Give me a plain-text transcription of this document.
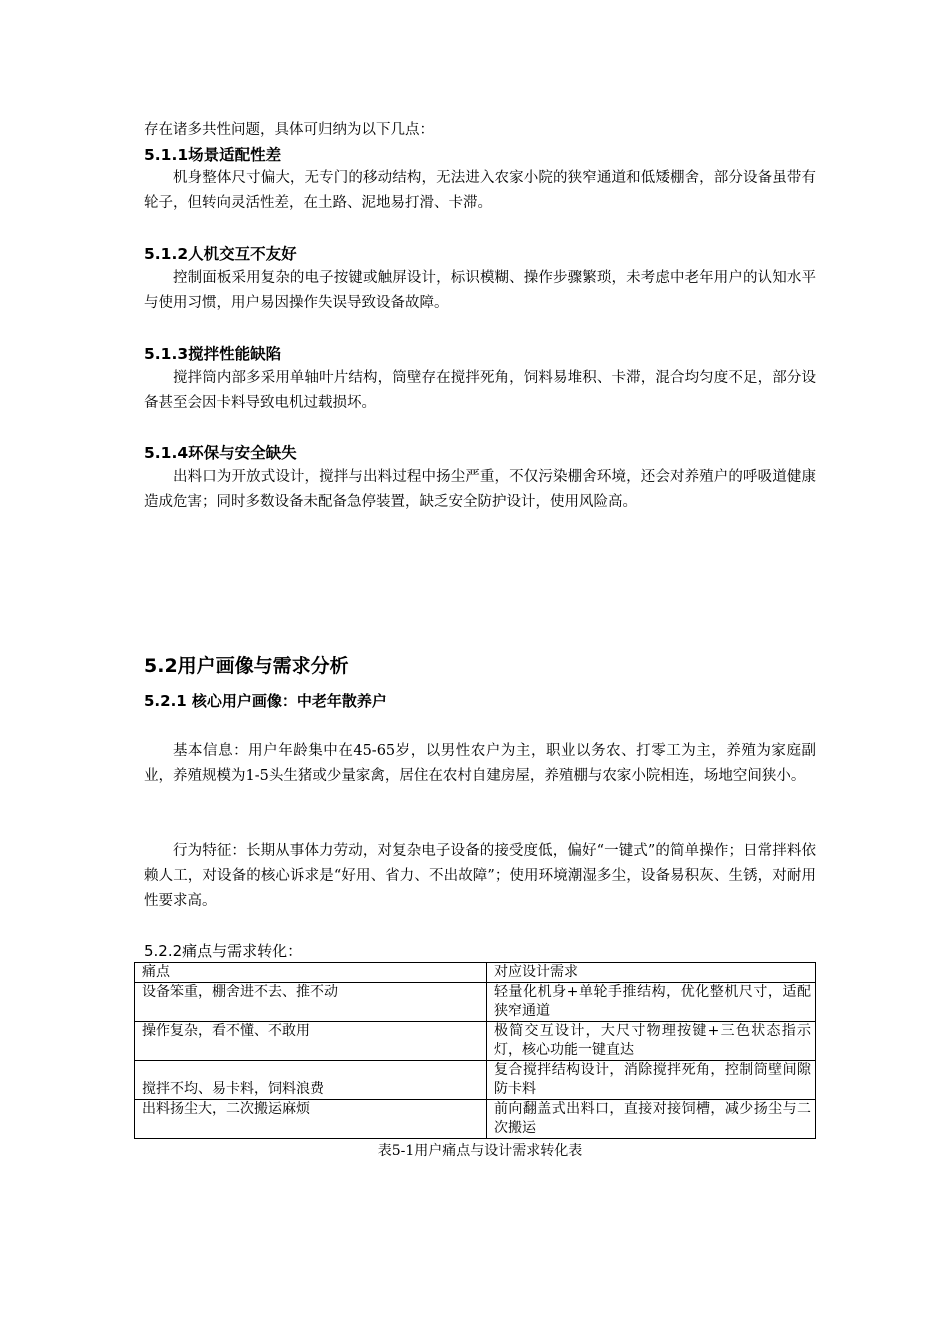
存在诸多共性问题，具体可归纳为以下几点：

5.1.1场景适配性差

机身整体尺寸偏大，无专门的移动结构，无法进入农家小院的狭窄通道和低矮棚舍，部分设备虽带有轮子，但转向灵活性差，在土路、泥地易打滑、卡滞。

5.1.2人机交互不友好

控制面板采用复杂的电子按键或触屏设计，标识模糊、操作步骤繁琐，未考虑中老年用户的认知水平与使用习惯，用户易因操作失误导致设备故障。

5.1.3搅拌性能缺陷

搅拌筒内部多采用单轴叶片结构，筒壁存在搅拌死角，饲料易堆积、卡滞，混合均匀度不足，部分设备甚至会因卡料导致电机过载损坏。

5.1.4环保与安全缺失

出料口为开放式设计，搅拌与出料过程中扬尘严重，不仅污染棚舍环境，还会对养殖户的呼吸道健康造成危害；同时多数设备未配备急停装置，缺乏安全防护设计，使用风险高。

5.2用户画像与需求分析
5.2.1 核心用户画像：中老年散养户

基本信息：用户年龄集中在45-65岁，以男性农户为主，职业以务农、打零工为主，养殖为家庭副业，养殖规模为1-5头生猪或少量家禽，居住在农村自建房屋，养殖棚与农家小院相连，场地空间狭小。

行为特征：长期从事体力劳动，对复杂电子设备的接受度低，偏好“一键式”的简单操作；日常拌料依赖人工，对设备的核心诉求是“好用、省力、不出故障”；使用环境潮湿多尘，设备易积灰、生锈，对耐用性要求高。

5.2.2痛点与需求转化：
痛点	对应设计需求
设备笨重，棚舍进不去、推不动	轻量化机身+单轮手推结构，优化整机尺寸，适配狭窄通道
操作复杂，看不懂、不敢用	极简交互设计，大尺寸物理按键+三色状态指示灯，核心功能一键直达
搅拌不均、易卡料，饲料浪费	复合搅拌结构设计，消除搅拌死角，控制筒壁间隙防卡料
出料扬尘大，二次搬运麻烦	前向翻盖式出料口，直接对接饲槽，减少扬尘与二次搬运

表5-1用户痛点与设计需求转化表
